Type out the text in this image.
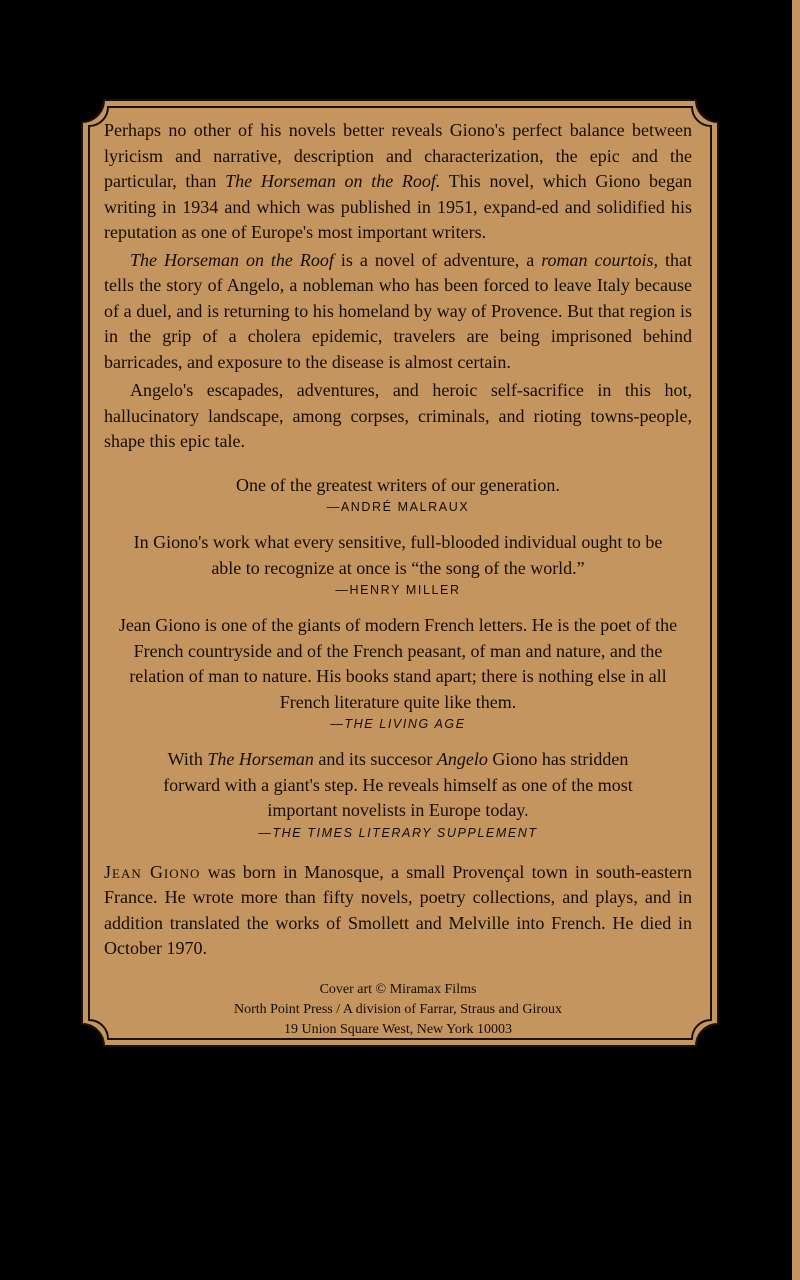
Perhaps no other of his novels better reveals Giono's perfect balance between lyricism and narrative, description and characterization, the epic and the particular, than The Horseman on the Roof. This novel, which Giono began writing in 1934 and which was published in 1951, expand-ed and solidified his reputation as one of Europe's most important writers.

The Horseman on the Roof is a novel of adventure, a roman courtois, that tells the story of Angelo, a nobleman who has been forced to leave Italy because of a duel, and is returning to his homeland by way of Provence. But that region is in the grip of a cholera epidemic, travelers are being imprisoned behind barricades, and exposure to the disease is almost certain.

Angelo's escapades, adventures, and heroic self-sacrifice in this hot, hallucinatory landscape, among corpses, criminals, and rioting towns-people, shape this epic tale.

One of the greatest writers of our generation.
—ANDRÉ MALRAUX
In Giono's work what every sensitive, full-blooded individual ought to be able to recognize at once is “the song of the world.”
—HENRY MILLER
Jean Giono is one of the giants of modern French letters. He is the poet of the French countryside and of the French peasant, of man and nature, and the relation of man to nature. His books stand apart; there is nothing else in all French literature quite like them.
—THE LIVING AGE
With The Horseman and its succesor Angelo Giono has stridden forward with a giant's step. He reveals himself as one of the most important novelists in Europe today.
—THE TIMES LITERARY SUPPLEMENT

Jean Giono was born in Manosque, a small Provençal town in south-eastern France. He wrote more than fifty novels, poetry collections, and plays, and in addition translated the works of Smollett and Melville into French. He died in October 1970.

Cover art © Miramax Films
North Point Press / A division of Farrar, Straus and Giroux
19 Union Square West, New York 10003
